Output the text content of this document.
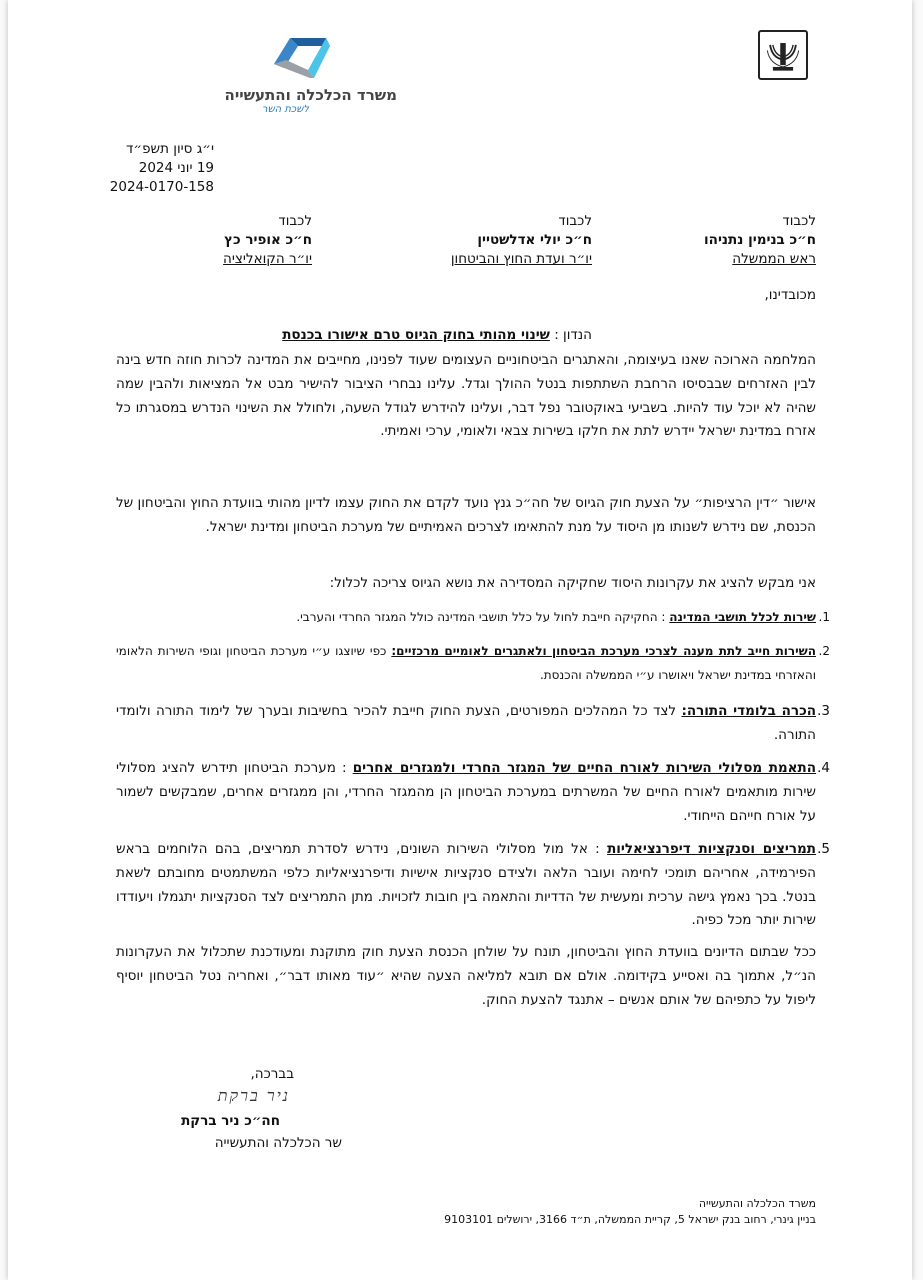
משרד הכלכלה והתעשייה
לשכת השר
י״ג סיון תשפ״ד
19 יוני 2024
2024-0170-158
לכבוד
ח״כ בנימין נתניהו
ראש הממשלה
לכבוד
ח״כ יולי אדלשטיין
יו״ר ועדת החוץ והביטחון
לכבוד
ח״כ אופיר כץ
יו״ר הקואליציה
מכובדינו,
הנדון : שינוי מהותי בחוק הגיוס טרם אישורו בכנסת
המלחמה הארוכה שאנו בעיצומה, והאתגרים הביטחוניים העצומים שעוד לפנינו, מחייבים את המדינה לכרות חוזה חדש בינה לבין האזרחים שבבסיסו הרחבת השתתפות בנטל ההולך וגדל. עלינו נבחרי הציבור להישיר מבט אל המציאות ולהבין שמה שהיה לא יוכל עוד להיות. בשביעי באוקטובר נפל דבר, ועלינו להידרש לגודל השעה, ולחולל את השינוי הנדרש במסגרתו כל אזרח במדינת ישראל יידרש לתת את חלקו בשירות צבאי ולאומי, ערכי ואמיתי.
אישור ״דין הרציפות״ על הצעת חוק הגיוס של חה״כ גנץ נועד לקדם את החוק עצמו לדיון מהותי בוועדת החוץ והביטחון של הכנסת, שם נידרש לשנותו מן היסוד על מנת להתאימו לצרכים האמיתיים של מערכת הביטחון ומדינת ישראל.
אני מבקש להציג את עקרונות היסוד שחקיקה המסדירה את נושא הגיוס צריכה לכלול:
1.
שירות לכלל תושבי המדינה : החקיקה חייבת לחול על כלל תושבי המדינה כולל המגזר החרדי והערבי.
2.
השירות חייב לתת מענה לצרכי מערכת הביטחון ולאתגרים לאומיים מרכזיים: כפי שיוצגו ע״י מערכת הביטחון וגופי השירות הלאומי והאזרחי במדינת ישראל ויאושרו ע״י הממשלה והכנסת.
3.
הכרה בלומדי התורה: לצד כל המהלכים המפורטים, הצעת החוק חייבת להכיר בחשיבות ובערך של לימוד התורה ולומדי התורה.
4.
התאמת מסלולי השירות לאורח החיים של המגזר החרדי ולמגזרים אחרים : מערכת הביטחון תידרש להציג מסלולי שירות מותאמים לאורח החיים של המשרתים במערכת הביטחון הן מהמגזר החרדי, והן ממגזרים אחרים, שמבקשים לשמור על אורח חייהם הייחודי.
5.
תמריצים וסנקציות דיפרנציאליות : אל מול מסלולי השירות השונים, נידרש לסדרת תמריצים, בהם הלוחמים בראש הפירמידה, אחריהם תומכי לחימה ועובר הלאה ולצידם סנקציות אישיות ודיפרנציאליות כלפי המשתמטים מחובתם לשאת בנטל. בכך נאמץ גישה ערכית ומעשית של הדדיות והתאמה בין חובות לזכויות. מתן התמריצים לצד הסנקציות יתגמלו ויעודדו שירות יותר מכל כפיה.
ככל שבתום הדיונים בוועדת החוץ והביטחון, תונח על שולחן הכנסת הצעת חוק מתוקנת ומעודכנת שתכלול את העקרונות הנ״ל, אתמוך בה ואסייע בקידומה. אולם אם תובא למליאה הצעה שהיא ״עוד מאותו דבר״, ואחריה נטל הביטחון יוסיף ליפול על כתפיהם של אותם אנשים – אתנגד להצעת החוק.
בברכה,
ניר ברקת
חה״כ ניר ברקת
שר הכלכלה והתעשייה
משרד הכלכלה והתעשייה
בניין גינרי, רחוב בנק ישראל 5, קריית הממשלה, ת״ד 3166, ירושלים 9103101
